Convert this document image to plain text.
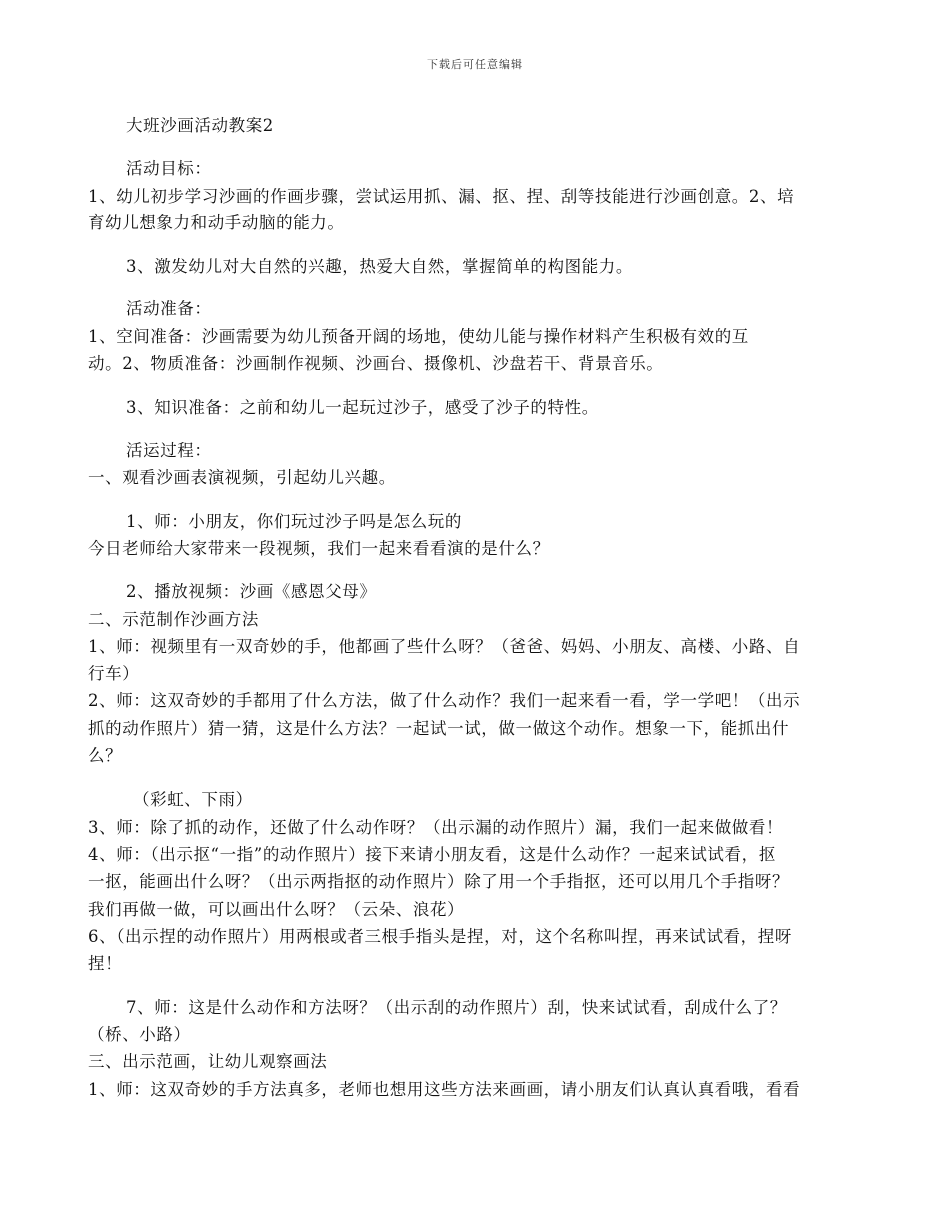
下载后可任意编辑
大班沙画活动教案2
活动目标：
1、幼儿初步学习沙画的作画步骤，尝试运用抓、漏、抠、捏、刮等技能进行沙画创意。2、培
育幼儿想象力和动手动脑的能力。
3、激发幼儿对大自然的兴趣，热爱大自然，掌握简单的构图能力。
活动准备：
1、空间准备：沙画需要为幼儿预备开阔的场地，使幼儿能与操作材料产生积极有效的互
动。2、物质准备：沙画制作视频、沙画台、摄像机、沙盘若干、背景音乐。
3、知识准备：之前和幼儿一起玩过沙子，感受了沙子的特性。
活运过程：
一、观看沙画表演视频，引起幼儿兴趣。
1、师：小朋友，你们玩过沙子吗是怎么玩的
今日老师给大家带来一段视频，我们一起来看看演的是什么？
2、播放视频：沙画《感恩父母》
二、示范制作沙画方法
1、师：视频里有一双奇妙的手，他都画了些什么呀？（爸爸、妈妈、小朋友、高楼、小路、自
行车）
2、师：这双奇妙的手都用了什么方法，做了什么动作？我们一起来看一看，学一学吧！（出示
抓的动作照片）猜一猜，这是什么方法？一起试一试，做一做这个动作。想象一下，能抓出什
么？
（彩虹、下雨）
3、师：除了抓的动作，还做了什么动作呀？（出示漏的动作照片）漏，我们一起来做做看！
4、师：（出示抠“一指”的动作照片）接下来请小朋友看，这是什么动作？一起来试试看，抠
一抠，能画出什么呀？（出示两指抠的动作照片）除了用一个手指抠，还可以用几个手指呀？
我们再做一做，可以画出什么呀？（云朵、浪花）
6、（出示捏的动作照片）用两根或者三根手指头是捏，对，这个名称叫捏，再来试试看，捏呀
捏！
7、师：这是什么动作和方法呀？（出示刮的动作照片）刮，快来试试看，刮成什么了？
（桥、小路）
三、出示范画，让幼儿观察画法
1、师：这双奇妙的手方法真多，老师也想用这些方法来画画，请小朋友们认真认真看哦，看看
